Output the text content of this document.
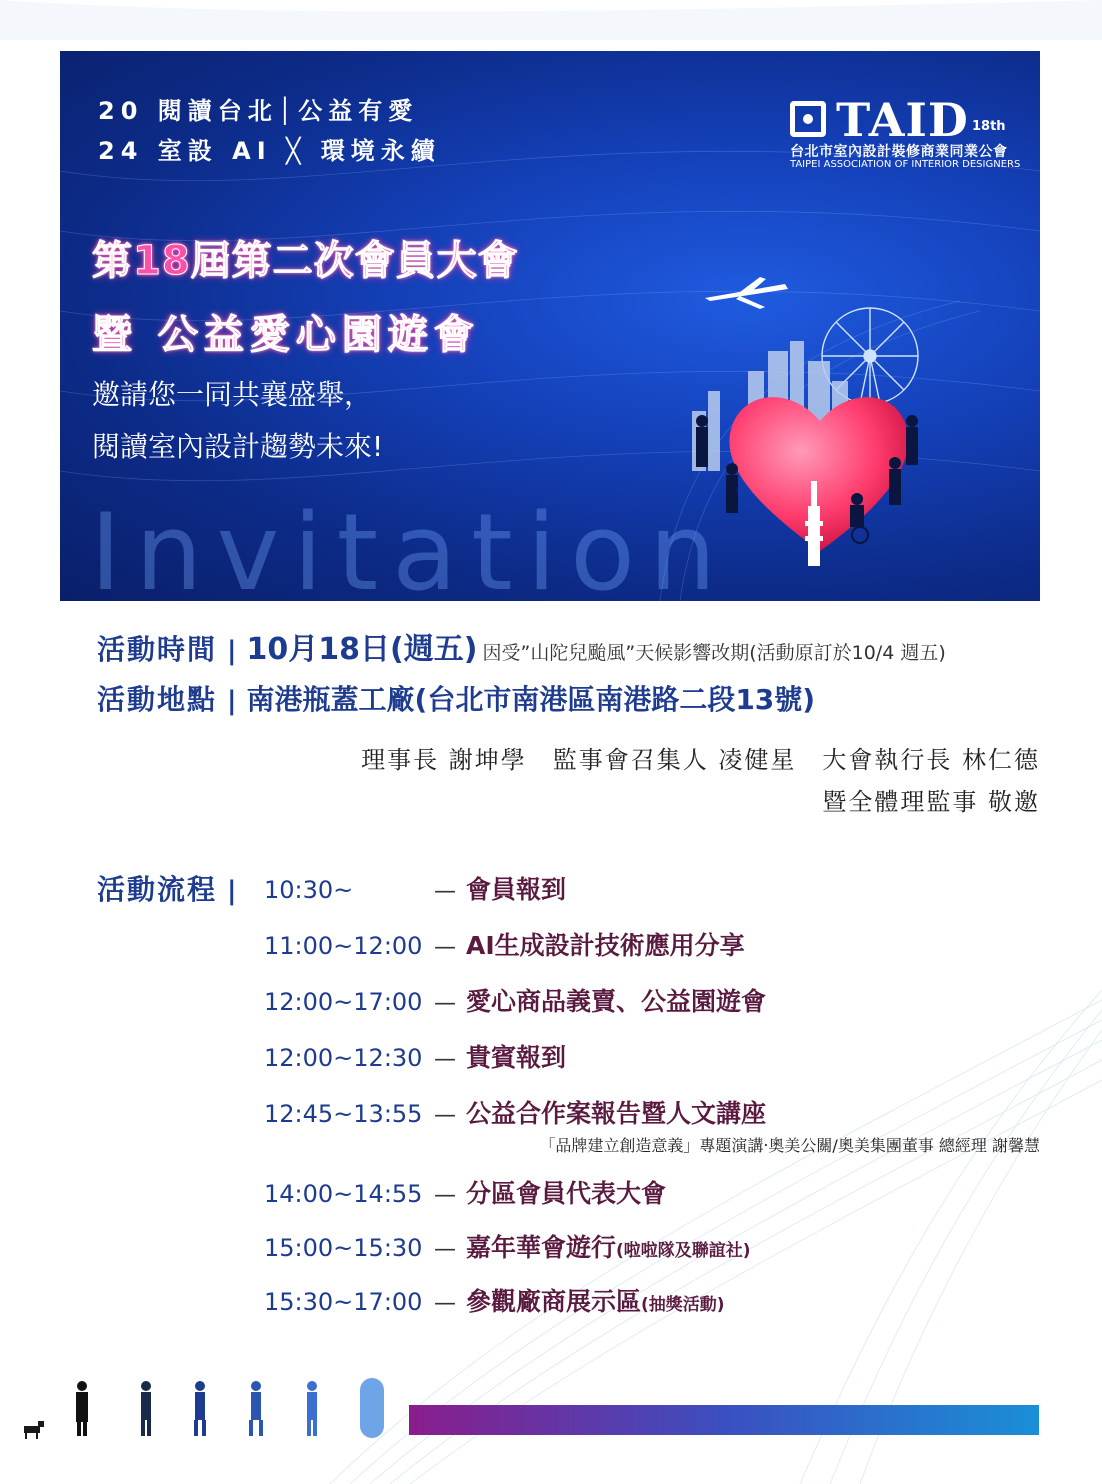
20 閱讀台北│公益有愛
24 室設 AI ╳ 環境永續
TAID 18th
台北市室內設計裝修商業同業公會
TAIPEI ASSOCIATION OF INTERIOR DESIGNERS
第18屆第二次會員大會
暨 公益愛心園遊會
邀請您一同共襄盛舉，
閱讀室內設計趨勢未來!
Invitation
活動時間 | 10月18日(週五) 因受”山陀兒颱風”天候影響改期(活動原訂於10/4 週五)
活動地點 | 南港瓶蓋工廠(台北市南港區南港路二段13號)
理事長 謝坤學　監事會召集人 凌健星　大會執行長 林仁德
暨全體理監事 敬邀
活動流程 |	10:30~	— 會員報到
11:00~12:00 — AI生成設計技術應用分享
12:00~17:00 — 愛心商品義賣、公益園遊會
12:00~12:30 — 貴賓報到
12:45~13:55 — 公益合作案報告暨人文講座
「品牌建立創造意義」專題演講‧奧美公關/奧美集團董事 總經理 謝馨慧
14:00~14:55 — 分區會員代表大會
15:00~15:30 — 嘉年華會遊行(啦啦隊及聯誼社)
15:30~17:00 — 參觀廠商展示區(抽獎活動)
